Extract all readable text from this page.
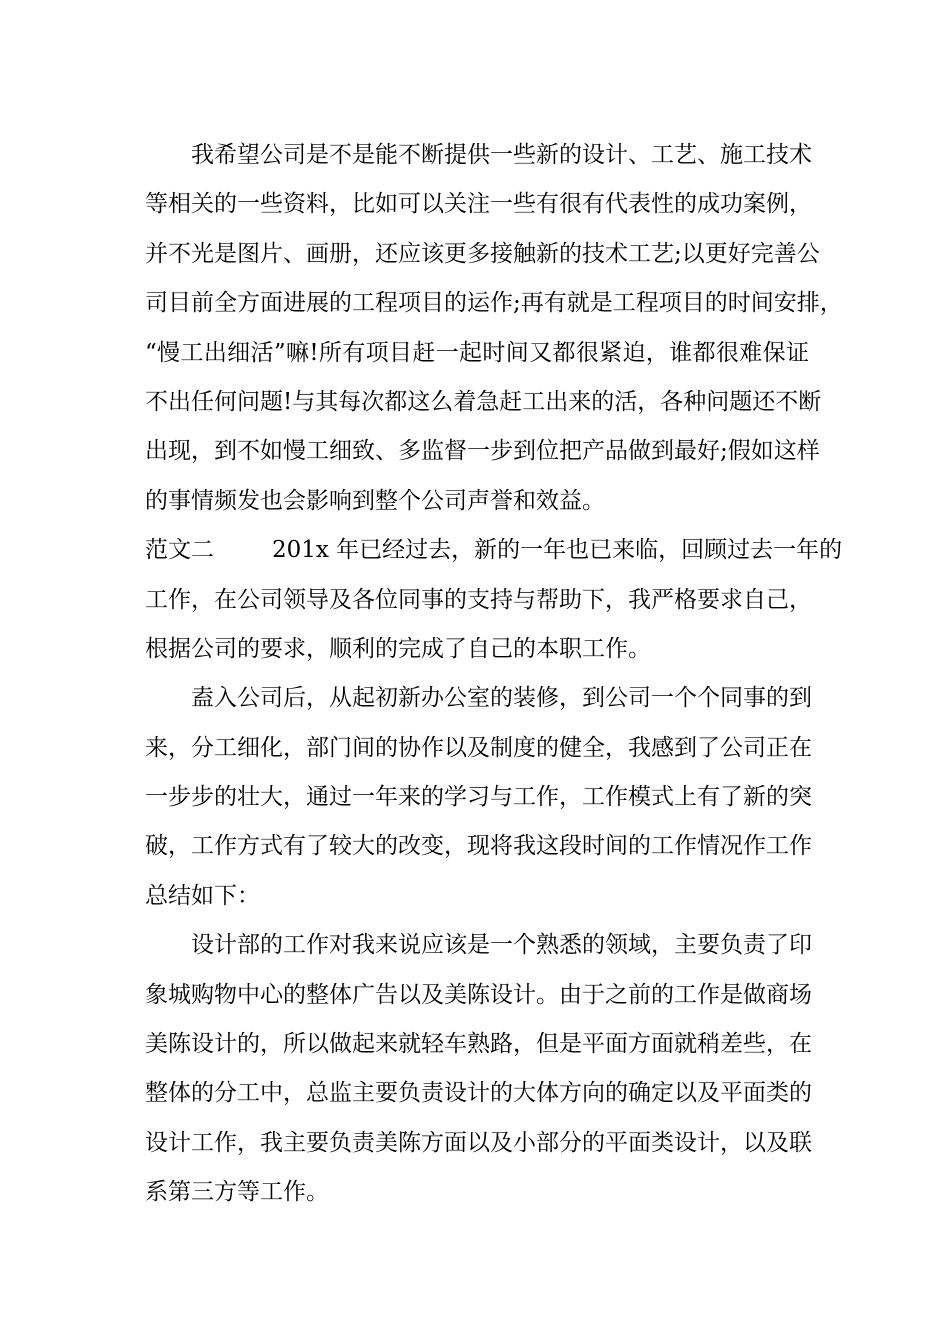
我希望公司是不是能不断提供一些新的设计、工艺、施工技术
等相关的一些资料，比如可以关注一些有很有代表性的成功案例，
并不光是图片、画册，还应该更多接触新的技术工艺;以更好完善公
司目前全方面进展的工程项目的运作;再有就是工程项目的时间安排，
“慢工出细活”嘛!所有项目赶一起时间又都很紧迫，谁都很难保证
不出任何问题!与其每次都这么着急赶工出来的活，各种问题还不断
出现，到不如慢工细致、多监督一步到位把产品做到最好;假如这样
的事情频发也会影响到整个公司声誉和效益。
范文二	201x 年已经过去，新的一年也已来临，回顾过去一年的
工作，在公司领导及各位同事的支持与帮助下，我严格要求自己，
根据公司的要求，顺利的完成了自己的本职工作。
盍入公司后，从起初新办公室的装修，到公司一个个同事的到
来，分工细化，部门间的协作以及制度的健全，我感到了公司正在
一步步的壮大，通过一年来的学习与工作，工作模式上有了新的突
破，工作方式有了较大的改变，现将我这段时间的工作情况作工作
总结如下：
设计部的工作对我来说应该是一个熟悉的领域，主要负责了印
象城购物中心的整体广告以及美陈设计。由于之前的工作是做商场
美陈设计的，所以做起来就轻车熟路，但是平面方面就稍差些，在
整体的分工中，总监主要负责设计的大体方向的确定以及平面类的
设计工作，我主要负责美陈方面以及小部分的平面类设计，以及联
系第三方等工作。
